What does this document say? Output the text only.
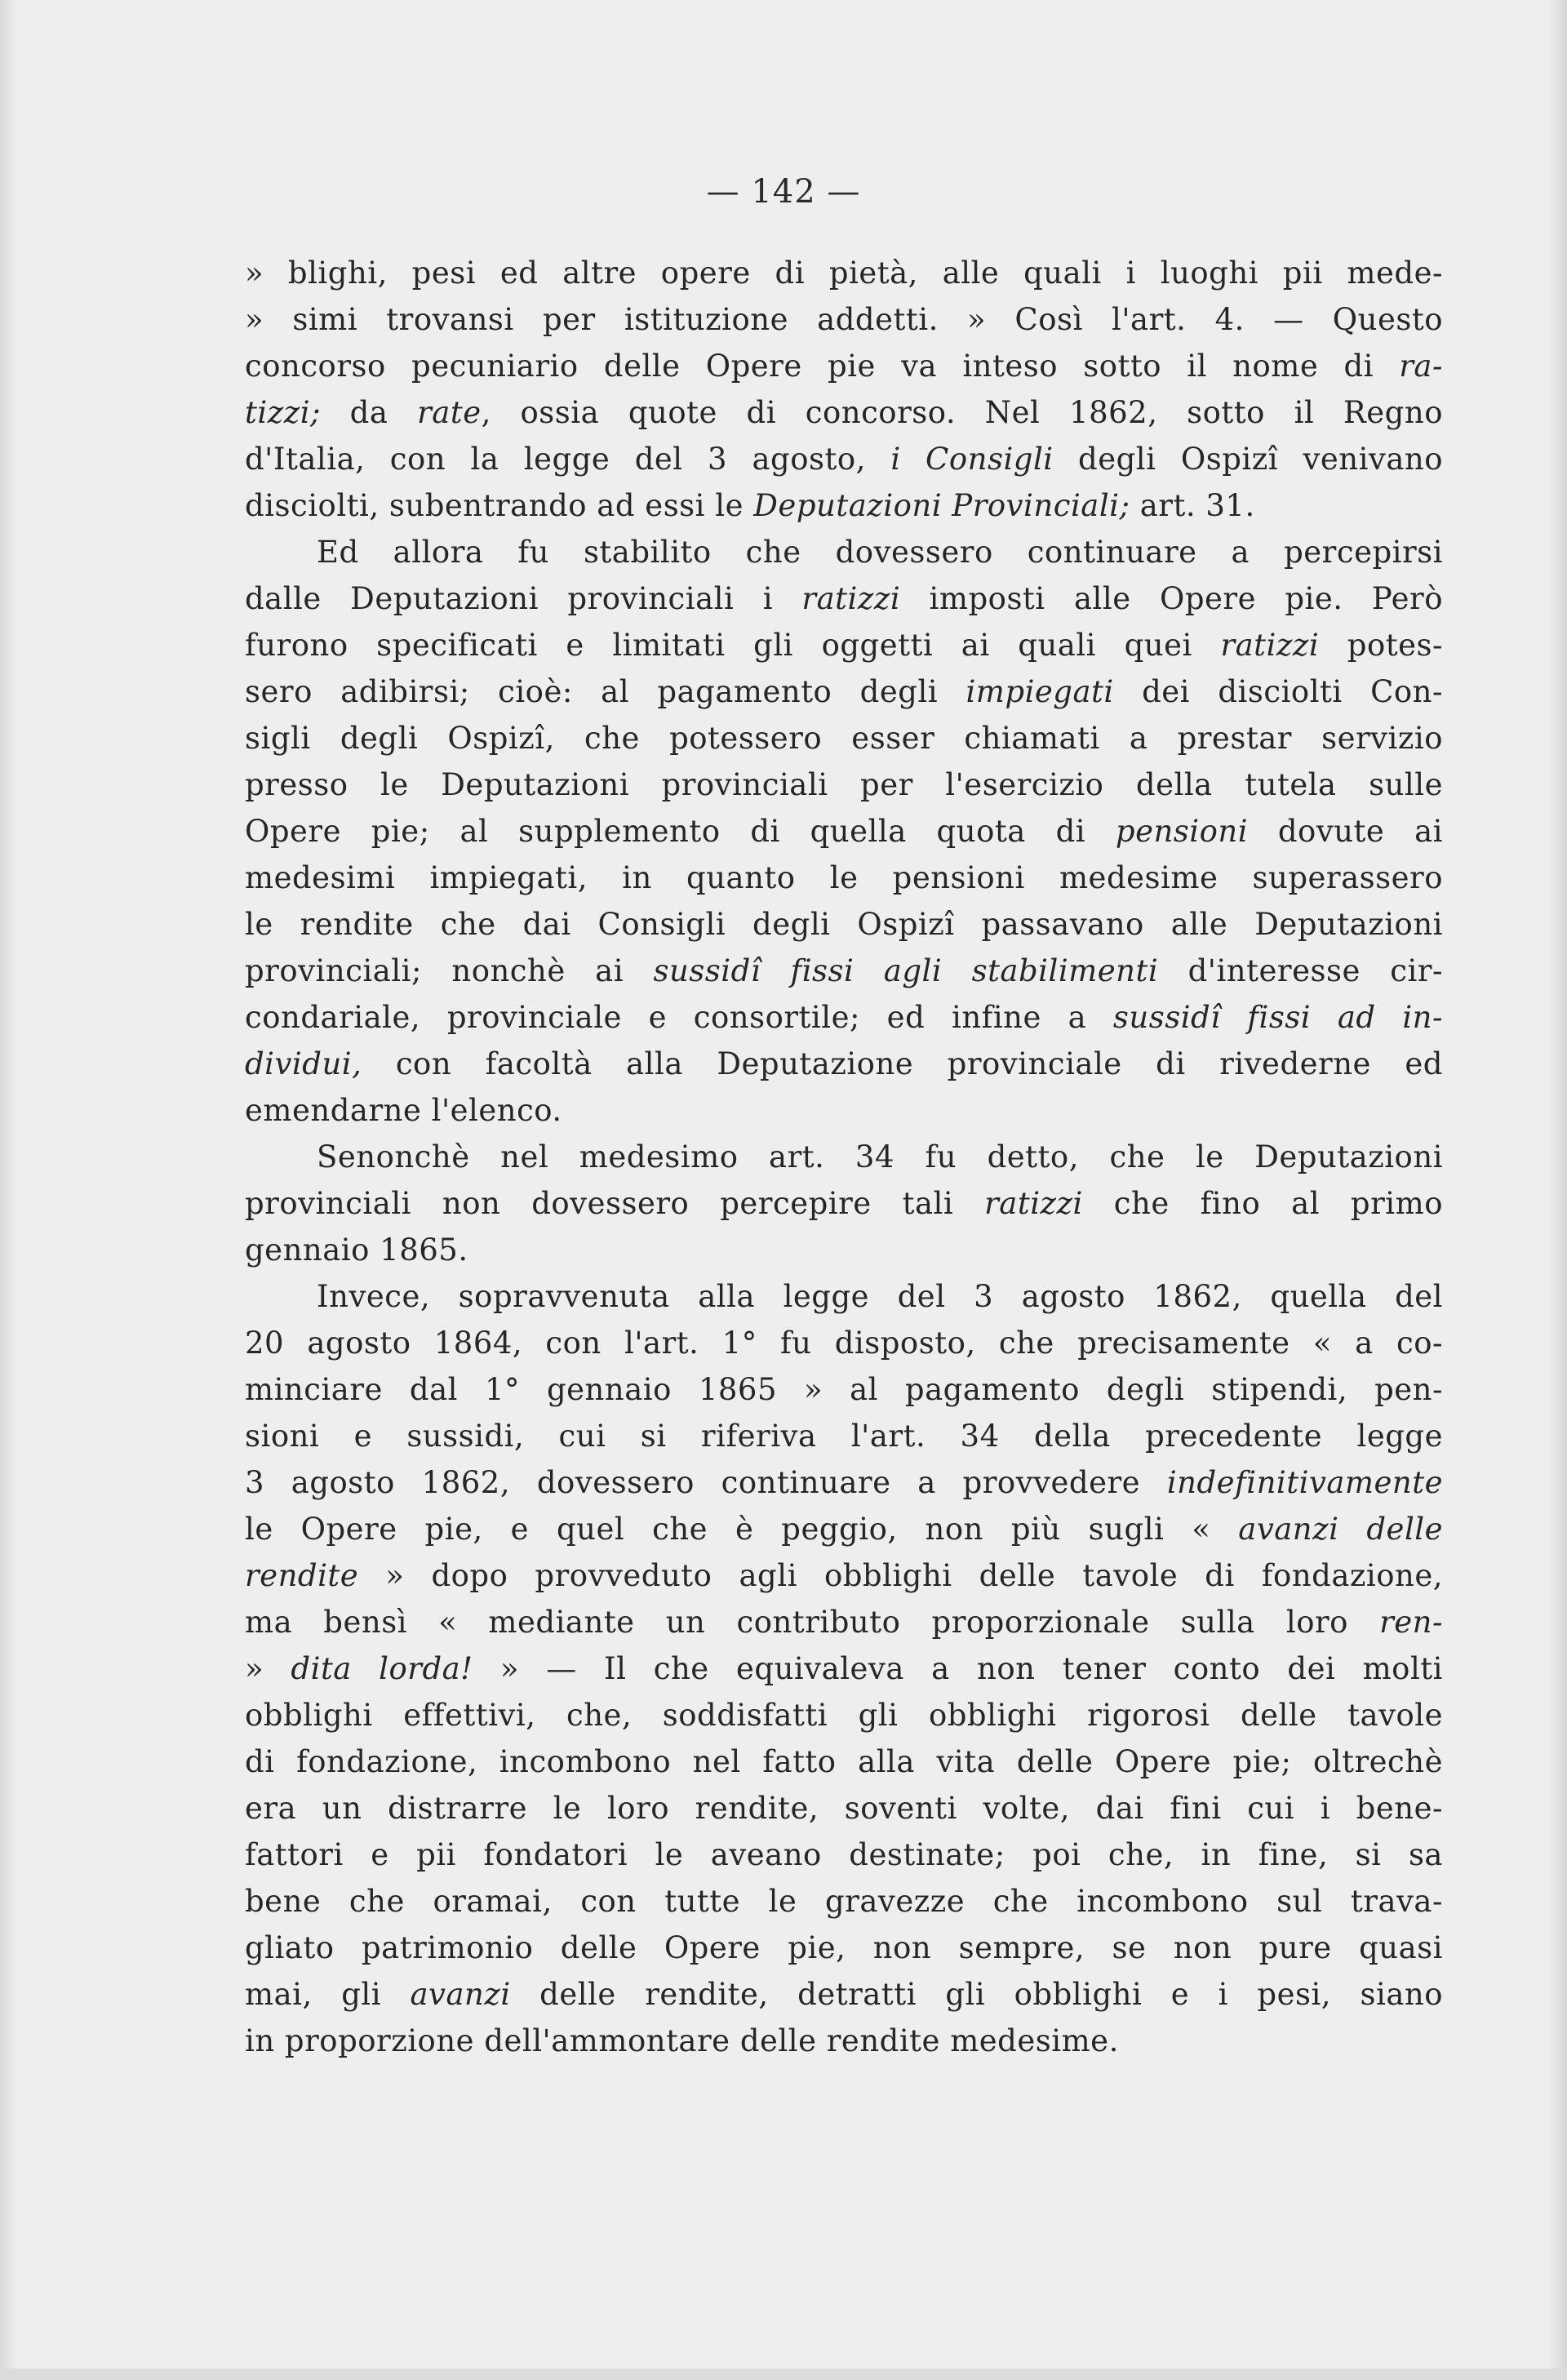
— 142 —
» blighi, pesi ed altre opere di pietà, alle quali i luoghi pii mede-
» simi trovansi per istituzione addetti. » Così l'art. 4. — Questo
concorso pecuniario delle Opere pie va inteso sotto il nome di ra-
tizzi; da rate, ossia quote di concorso. Nel 1862, sotto il Regno
d'Italia, con la legge del 3 agosto, i Consigli degli Ospizî venivano
disciolti, subentrando ad essi le Deputazioni Provinciali; art. 31.
Ed allora fu stabilito che dovessero continuare a percepirsi
dalle Deputazioni provinciali i ratizzi imposti alle Opere pie. Però
furono specificati e limitati gli oggetti ai quali quei ratizzi potes-
sero adibirsi; cioè: al pagamento degli impiegati dei disciolti Con-
sigli degli Ospizî, che potessero esser chiamati a prestar servizio
presso le Deputazioni provinciali per l'esercizio della tutela sulle
Opere pie; al supplemento di quella quota di pensioni dovute ai
medesimi impiegati, in quanto le pensioni medesime superassero
le rendite che dai Consigli degli Ospizî passavano alle Deputazioni
provinciali; nonchè ai sussidî fissi agli stabilimenti d'interesse cir-
condariale, provinciale e consortile; ed infine a sussidî fissi ad in-
dividui, con facoltà alla Deputazione provinciale di rivederne ed
emendarne l'elenco.
Senonchè nel medesimo art. 34 fu detto, che le Deputazioni
provinciali non dovessero percepire tali ratizzi che fino al primo
gennaio 1865.
Invece, sopravvenuta alla legge del 3 agosto 1862, quella del
20 agosto 1864, con l'art. 1° fu disposto, che precisamente « a co-
minciare dal 1° gennaio 1865 » al pagamento degli stipendi, pen-
sioni e sussidi, cui si riferiva l'art. 34 della precedente legge
3 agosto 1862, dovessero continuare a provvedere indefinitivamente
le Opere pie, e quel che è peggio, non più sugli « avanzi delle
rendite » dopo provveduto agli obblighi delle tavole di fondazione,
ma bensì « mediante un contributo proporzionale sulla loro ren-
» dita lorda! » — Il che equivaleva a non tener conto dei molti
obblighi effettivi, che, soddisfatti gli obblighi rigorosi delle tavole
di fondazione, incombono nel fatto alla vita delle Opere pie; oltrechè
era un distrarre le loro rendite, soventi volte, dai fini cui i bene-
fattori e pii fondatori le aveano destinate; poi che, in fine, si sa
bene che oramai, con tutte le gravezze che incombono sul trava-
gliato patrimonio delle Opere pie, non sempre, se non pure quasi
mai, gli avanzi delle rendite, detratti gli obblighi e i pesi, siano
in proporzione dell'ammontare delle rendite medesime.
